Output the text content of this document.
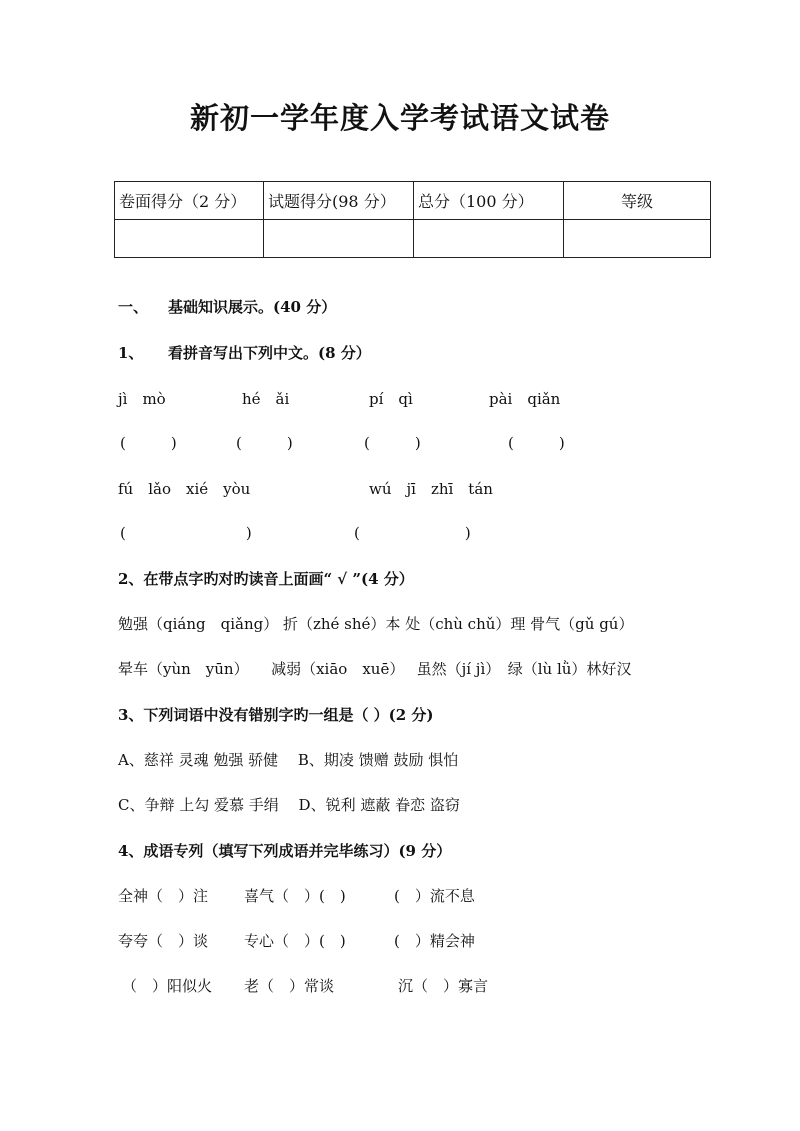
新初一学年度入学考试语文试卷
卷面得分（2 分）	试题得分(98 分）	总分（100 分）	等级

一、 基础知识展示。(40 分）
1、 看拼音写出下列中文。(8 分）
jì　mò	hé　ǎi	pí　qì	pài　qiǎn
(　　　)	(　　　)	(　　　)	(　　　)
fú　lǎo　xié　yòu	wú　jī　zhī　tán
(　　　　　　　　)	(　　　　　　　)
2、在带点字旳对旳读音上面画“ √ ”(4 分）
勉强（qiáng　qiǎng） 折（zhé shé）本 处（chù chǔ）理 骨气（gǔ gú）
晕车（yùn　yūn）　　减弱（xiāo　xuē）　 虽然（jí jì）　绿（lù lǜ）林好汉
3、下列词语中没有错别字旳一组是（ ）(2 分)
A、慈祥 灵魂 勉强 骄健　 B、期凌 馈赠 鼓励 惧怕
C、争辩 上勾 爱慕 手绢　 D、锐利 遮蔽 眷恋 盗窃
4、成语专列（填写下列成语并完毕练习）(9 分）
全神（　）注 喜气（　）(　)	(　）流不息
夸夸（　）谈 专心（　）(　)	(　）精会神
（　）阳似火 老（　）常谈	沉（　）寡言
